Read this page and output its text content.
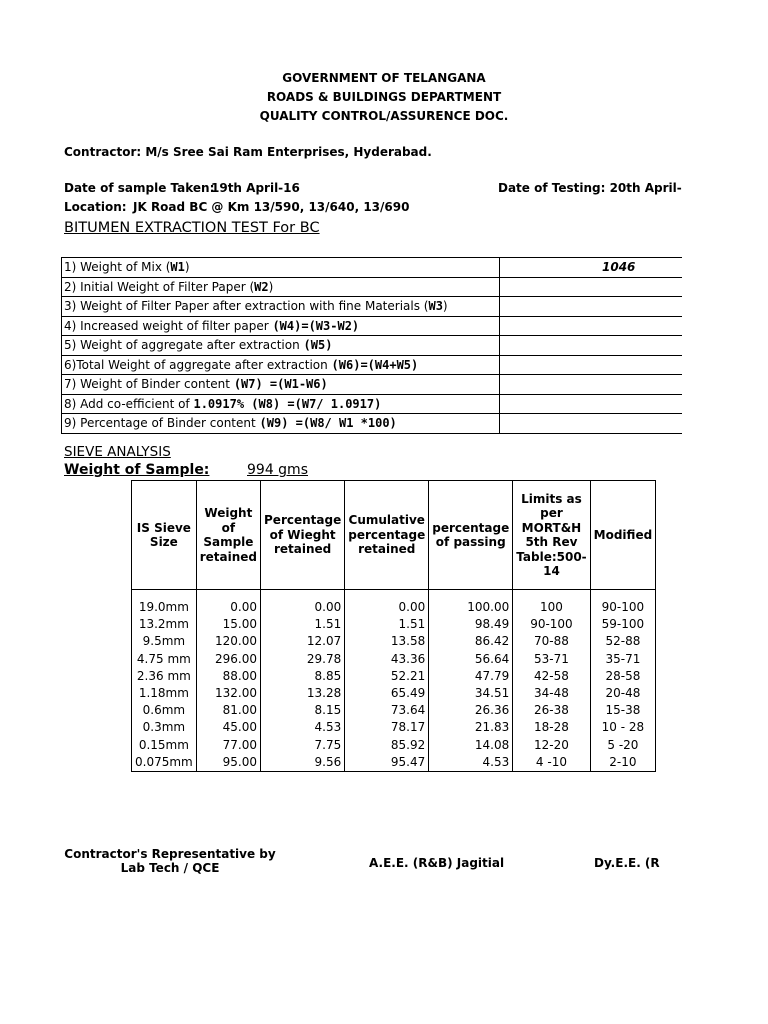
GOVERNMENT OF TELANGANA
ROADS & BUILDINGS DEPARTMENT
QUALITY CONTROL/ASSURENCE DOC.
Contractor: M/s Sree Sai Ram Enterprises, Hyderabad.
Date of sample Taken:
19th April-16	Date of Testing: 20th April-
Location: JK Road BC @ Km 13/590, 13/640, 13/690
BITUMEN EXTRACTION TEST For BC
1) Weight of Mix (W1)	1046
2) Initial Weight of Filter Paper (W2)
3) Weight of Filter Paper after extraction with fine Materials (W3)
4) Increased weight of filter paper (W4)=(W3-W2)
5) Weight of aggregate after extraction (W5)
6)Total Weight of aggregate after extraction (W6)=(W4+W5)
7) Weight of Binder content (W7) =(W1-W6)
8) Add co-efficient of 1.0917% (W8) =(W7/ 1.0917)
9) Percentage of Binder content (W9) =(W8/ W1 *100)
SIEVE ANALYSIS
Weight of Sample:	994 gms
IS Sieve Size	Weight of Sample retained	Percentage of Wieght retained	Cumulative percentage retained	percentage of passing	Limits as per MORT&H 5th Rev Table:500-14	Modified

19.0mm	0.00	0.00	0.00	100.00	100	90-100
13.2mm	15.00	1.51	1.51	98.49	90-100	59-100
9.5mm	120.00	12.07	13.58	86.42	70-88	52-88
4.75 mm	296.00	29.78	43.36	56.64	53-71	35-71
2.36 mm	88.00	8.85	52.21	47.79	42-58	28-58
1.18mm	132.00	13.28	65.49	34.51	34-48	20-48
0.6mm	81.00	8.15	73.64	26.36	26-38	15-38
0.3mm	45.00	4.53	78.17	21.83	18-28	10 - 28
0.15mm	77.00	7.75	85.92	14.08	12-20	5 -20
0.075mm	95.00	9.56	95.47	4.53	4 -10	2-10
Contractor's Representative by Lab Tech / QCE	A.E.E. (R&B) Jagitial	Dy.E.E. (R
